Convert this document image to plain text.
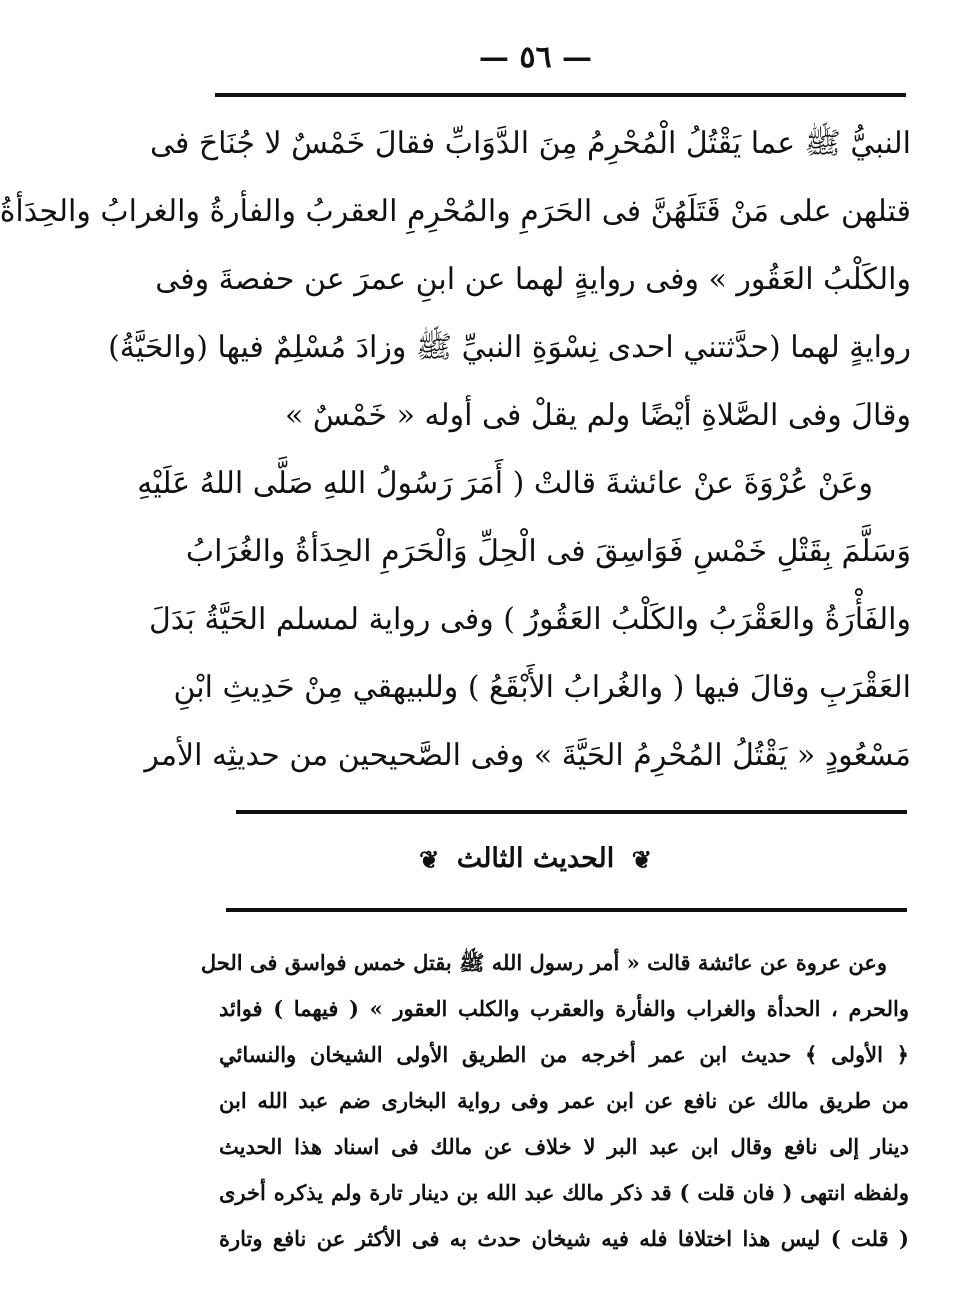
— ٥٦ —
النبيُّ ﷺ عما يَقْتُلُ الْمُحْرِمُ مِنَ الدَّوَابِّ فقالَ خَمْسٌ لا جُنَاحَ فى
قتلهن على مَنْ قَتَلَهُنَّ فى الحَرَمِ والمُحْرِمِ العقربُ والفأرةُ والغرابُ والحِدَأةُ
والكَلْبُ العَقُور » وفى روايةٍ لهما عن ابنِ عمرَ عن حفصةَ وفى
روايةٍ لهما (حدَّثتني احدى نِسْوَةِ النبيِّ ﷺ وزادَ مُسْلِمٌ فيها (والحَيَّةُ)
وقالَ وفى الصَّلاةِ أيْضًا ولم يقلْ فى أوله « خَمْسٌ »
وعَنْ عُرْوَةَ عنْ عائشةَ قالتْ ( أَمَرَ رَسُولُ اللهِ صَلَّى اللهُ عَلَيْهِ
وَسَلَّمَ بِقَتْلِ خَمْسِ فَوَاسِقَ فى الْحِلِّ وَالْحَرَمِ الحِدَأةُ والغُرَابُ
والفَأْرَةُ والعَقْرَبُ والكَلْبُ العَقُورُ ) وفى رواية لمسلم الحَيَّةُ بَدَلَ
العَقْرَبِ وقالَ فيها ( والغُرابُ الأَبْقَعُ ) وللبيهقي مِنْ حَدِيثِ ابْنِ
مَسْعُودٍ « يَقْتُلُ المُحْرِمُ الحَيَّةَ » وفى الصَّحيحين من حديثِه الأمر
❦ الحديث الثالث ❦
وعن عروة عن عائشة قالت « أمر رسول الله ﷺ بقتل خمس فواسق فى الحل
والحرم ، الحدأة والغراب والفأرة والعقرب والكلب العقور » ( فيهما ) فوائد
﴿ الأولى ﴾ حديث ابن عمر أخرجه من الطريق الأولى الشيخان والنسائي
من طريق مالك عن نافع عن ابن عمر وفى رواية البخارى ضم عبد الله ابن
دينار إلى نافع وقال ابن عبد البر لا خلاف عن مالك فى اسناد هذا الحديث
ولفظه انتهى ( فان قلت ) قد ذكر مالك عبد الله بن دينار تارة ولم يذكره أخرى
( قلت ) ليس هذا اختلافا فله فيه شيخان حدث به فى الأكثر عن نافع وتارة
